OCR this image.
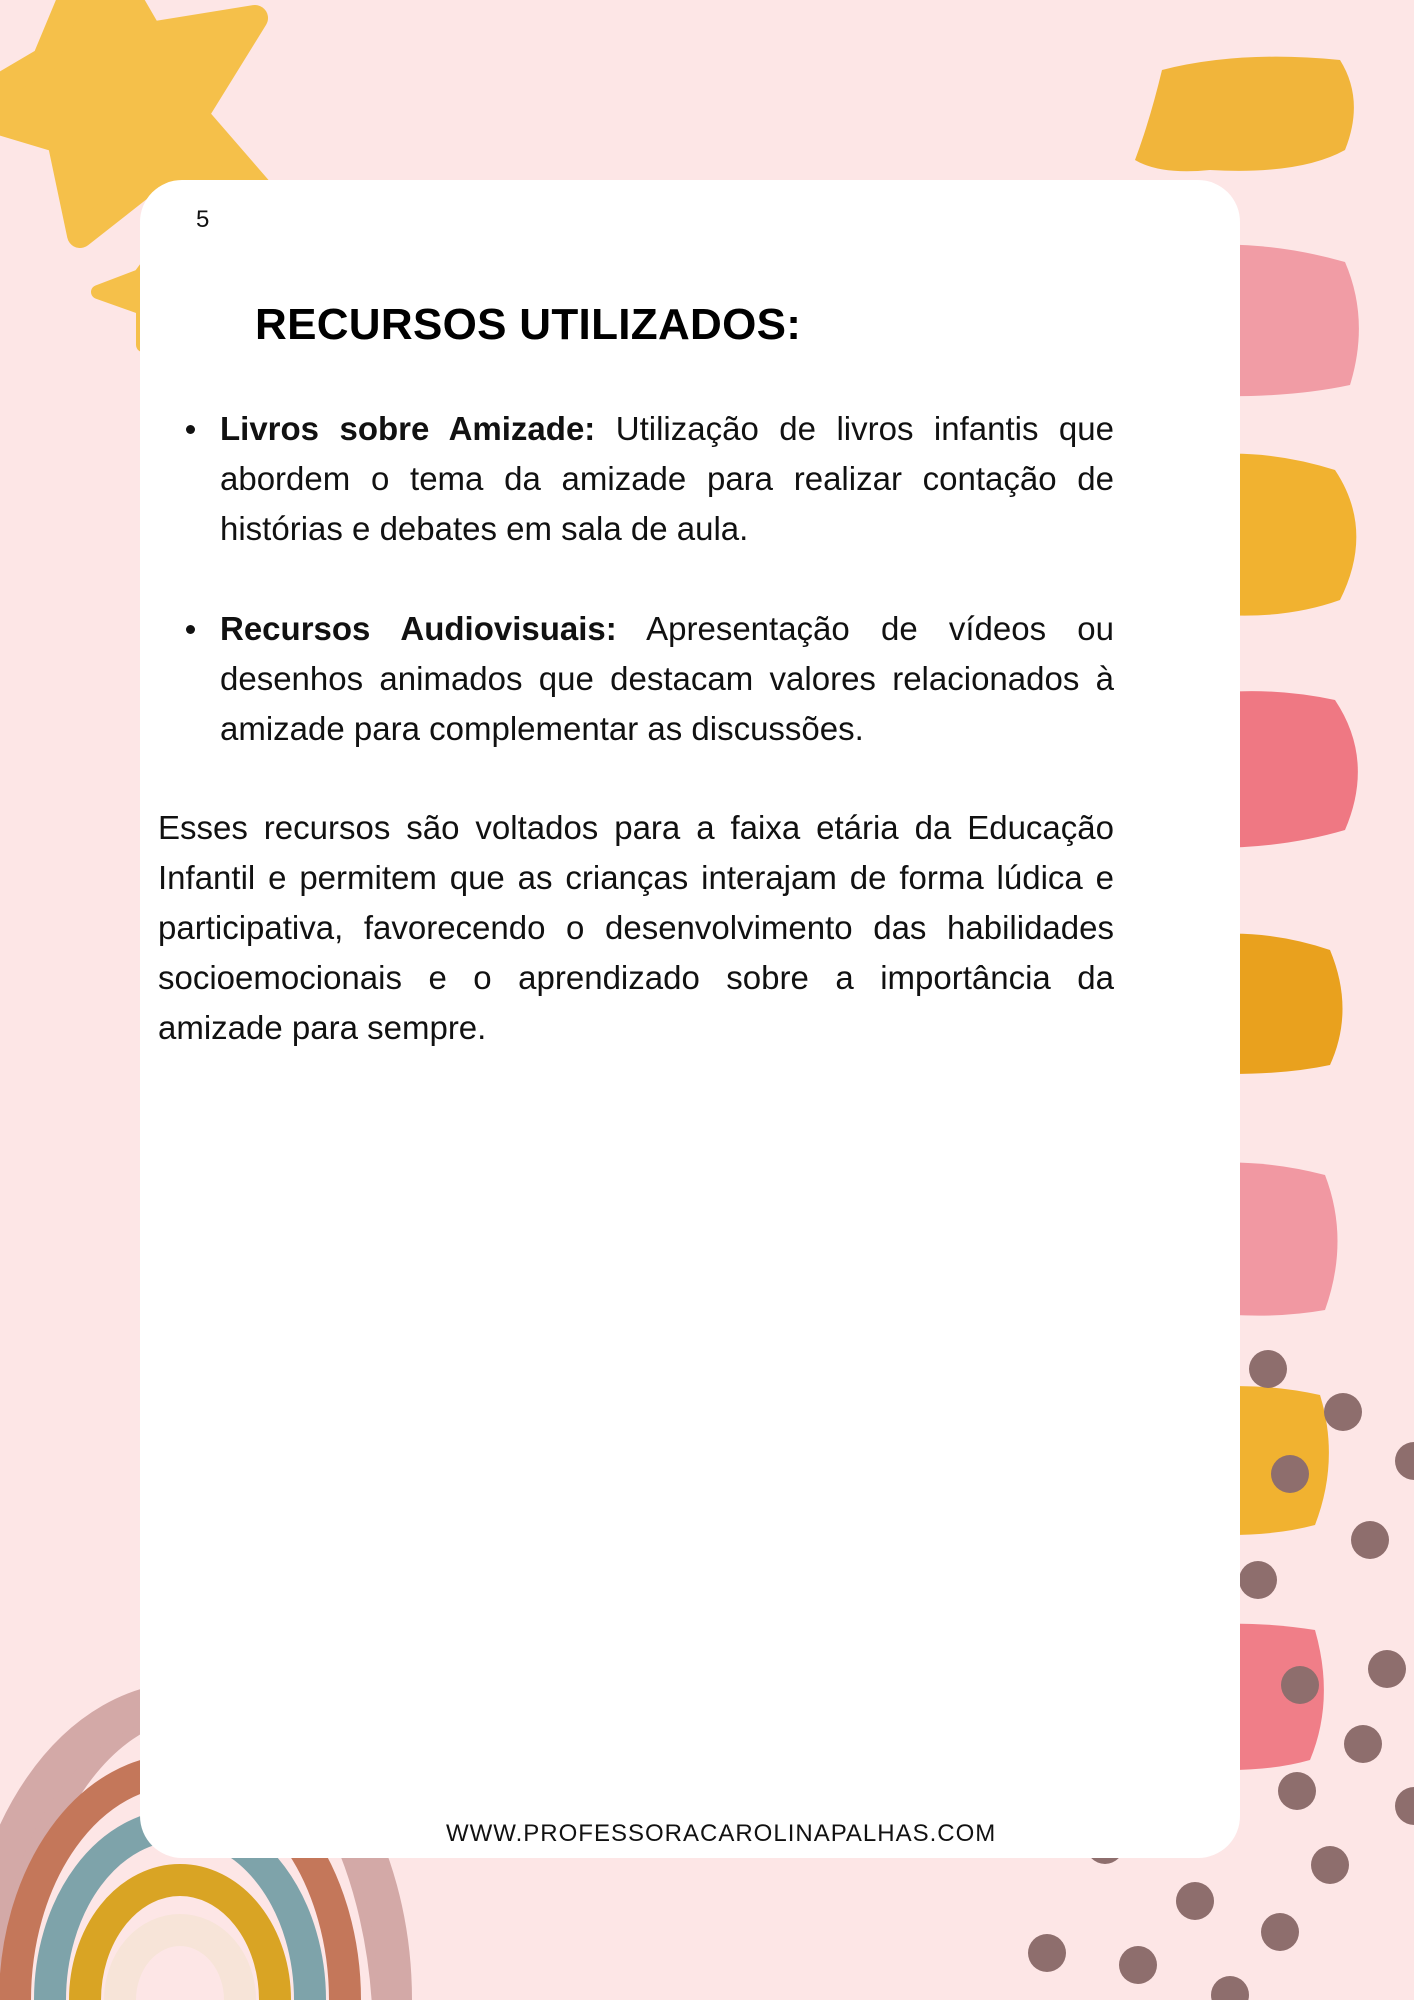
5
RECURSOS UTILIZADOS:
Livros sobre Amizade: Utilização de livros infantis que abordem o tema da amizade para realizar contação de histórias e debates em sala de aula.
Recursos Audiovisuais: Apresentação de vídeos ou desenhos animados que destacam valores relacionados à amizade para complementar as discussões.

Esses recursos são voltados para a faixa etária da Educação Infantil e permitem que as crianças interajam de forma lúdica e participativa, favorecendo o desenvolvimento das habilidades socioemocionais e o aprendizado sobre a importância da amizade para sempre.

WWW.PROFESSORACAROLINAPALHAS.COM
